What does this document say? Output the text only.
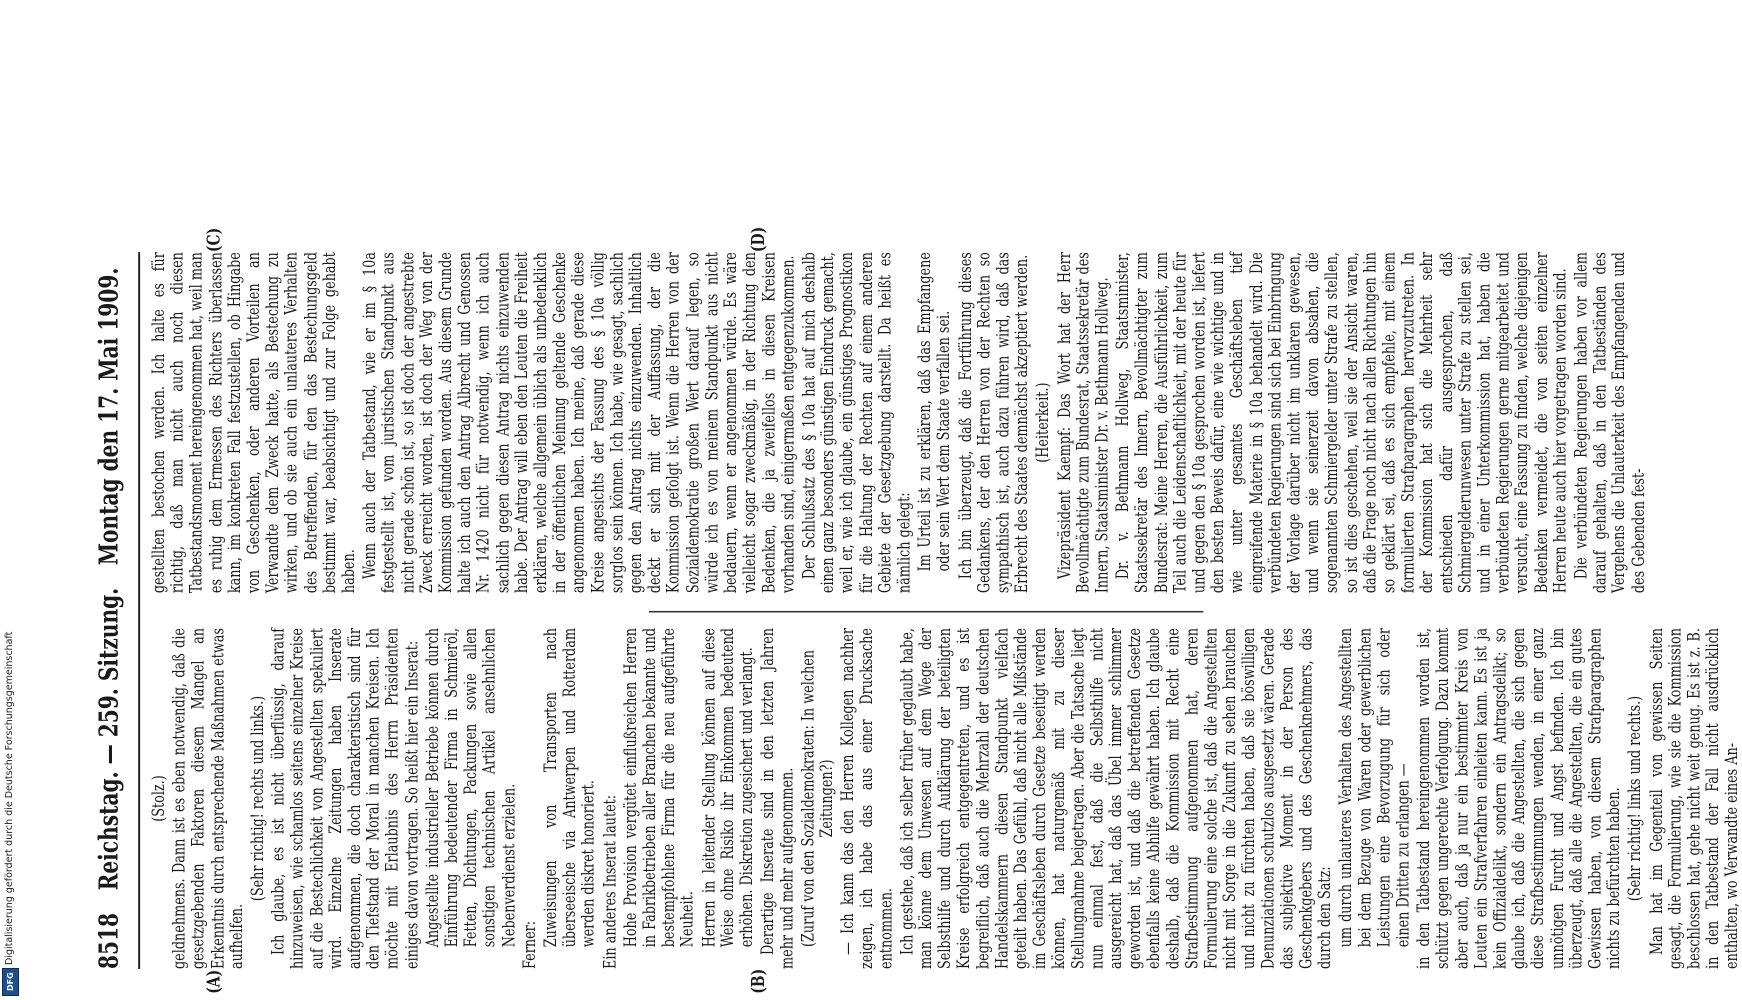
8518
Reichstag. — 259. Sitzung.
Montag den 17. Mai 1909.

(Stolz.) geldnehmens. Dann ist es eben notwendig, daß die gesetzgebenden Faktoren diesem Mangel an Erkenntnis durch entsprechende Maßnahmen etwas aufhelfen.

(Sehr richtig! rechts und links.) Ich glaube, es ist nicht überflüssig, darauf hinzuweisen, wie schamlos seitens einzelner Kreise auf die Bestechlichkeit von Angestellten spekuliert wird. Einzelne Zeitungen haben Inserate aufgenommen, die doch charakteristisch sind für den Tiefstand der Moral in manchen Kreisen. Ich möchte mit Erlaubnis des Herrn Präsidenten einiges davon vortragen. So heißt hier ein Inserat: Angestellte industrieller Betriebe können durch Einführung bedeutender Firma in Schmieröl, Fetten, Dichtungen, Packungen sowie allen sonstigen technischen Artikel ansehnlichen Nebenverdienst erzielen. Ferner: Zuweisungen von Transporten nach überseeische via Antwerpen und Rotterdam werden diskret honoriert. Ein anderes Inserat lautet: Hohe Provision vergütet einflußreichen Herren in Fabrikbetrieben aller Branchen bekannte und bestempfohlene Firma für die neu aufgeführte Neuheit. Herren in leitender Stellung können auf diese Weise ohne Risiko ihr Einkommen bedeutend erhöhen. Diskretion zugesichert und verlangt. Derartige Inserate sind in den letzten Jahren mehr und mehr aufgenommen. (Zuruf von den Sozialdemokraten: In welchen Zeitungen?) — Ich kann das den Herren Kollegen nachher zeigen, ich habe das aus einer Drucksache entnommen. Ich gestehe, daß ich selber früher geglaubt habe, man könne dem Unwesen auf dem Wege der Selbsthilfe und durch Aufklärung der beteiligten Kreise erfolgreich entgegentreten, und es ist begreiflich, daß auch die Mehrzahl der deutschen Handelskammern diesen Standpunkt vielfach geteilt haben. Das Gefühl, daß nicht alle Mißstände im Geschäftsleben durch Gesetze beseitigt werden können, hat naturgemäß mit zu dieser Stellungnahme beigetragen. Aber die Tatsache liegt nun einmal fest, daß die Selbsthilfe nicht ausgereicht hat, daß das Übel immer schlimmer geworden ist, und daß die betreffenden Gesetze ebenfalls keine Abhilfe gewährt haben. Ich glaube deshalb, daß die Kommission mit Recht eine Strafbestimmung aufgenommen hat, deren Formulierung eine solche ist, daß die Angestellten nicht mit Sorge in die Zukunft zu sehen brauchen und nicht zu fürchten haben, daß sie böswilligen Denunziationen schutzlos ausgesetzt wären. Gerade das subjektive Moment in der Person des Geschenkgebers und des Geschenknehmers, das durch den Satz: um durch unlauteres Verhalten des Angestellten bei dem Bezuge von Waren oder gewerblichen Leistungen eine Bevorzugung für sich oder einen Dritten zu erlangen — in den Tatbestand hereingenommen worden ist, schützt gegen ungerechte Verfolgung. Dazu kommt aber auch, daß ja nur ein bestimmter Kreis von Leuten ein Strafverfahren einleiten kann. Es ist ja kein Offizialdelikt, sondern ein Antragsdelikt; so glaube ich, daß die Angestellten, die sich gegen diese Strafbestimmungen wenden, in einer ganz unnötigen Furcht und Angst befinden. Ich bin überzeugt, daß alle die Angestellten, die ein gutes Gewissen haben, von diesem Strafparagraphen nichts zu befürchten haben. (Sehr richtig! links und rechts.) Man hat im Gegenteil von gewissen Seiten gesagt, die Formulierung, wie sie die Kommission beschlossen hat, gehe nicht weit genug. Es ist z. B. in den Tatbestand der Fall nicht ausdrücklich enthalten, wo Verwandte eines An-

gestellten bestochen werden. Ich halte es für richtig, daß man nicht auch noch diesen Tatbestandsmoment hereingenommen hat, weil man es ruhig dem Ermessen des Richters überlassen kann, im konkreten Fall festzustellen, ob Hingabe von Geschenken, oder anderen Vorteilen an Verwandte dem Zweck hatte, als Bestechung zu wirken, und ob sie auch ein unlauteres Verhalten des Betreffenden, für den das Bestechungsgeld bestimmt war, beabsichtigt und zur Folge gehabt haben. Wenn auch der Tatbestand, wie er im § 10a festgestellt ist, vom juristischen Standpunkt aus nicht gerade schön ist, so ist doch der angestrebte Zweck erreicht worden, ist doch der Weg von der Kommission gefunden worden. Aus diesem Grunde halte ich auch den Antrag Albrecht und Genossen Nr. 1420 nicht für notwendig, wenn ich auch sachlich gegen diesen Antrag nichts einzuwenden habe. Der Antrag will eben den Leuten die Freiheit erklären, welche allgemein üblich als unbedenklich in der öffentlichen Meinung geltende Geschenke angenommen haben. Ich meine, daß gerade diese Kreise angesichts der Fassung des § 10a völlig sorglos sein können. Ich habe, wie gesagt, sachlich gegen den Antrag nichts einzuwenden. Inhaltlich deckt er sich mit der Auffassung, der die Kommission gefolgt ist. Wenn die Herren von der Sozialdemokratie großen Wert darauf legen, so würde ich es von meinem Standpunkt aus nicht bedauern, wenn er angenommen würde. Es wäre vielleicht sogar zweckmäßig, in der Richtung den Bedenken, die ja zweifellos in diesen Kreisen vorhanden sind, einigermaßen entgegenzukommen. Der Schlußsatz des § 10a hat auf mich deshalb einen ganz besonders günstigen Eindruck gemacht, weil er, wie ich glaube, ein günstiges Prognostikon für die Haltung der Rechten auf einem anderen Gebiete der Gesetzgebung darstellt. Da heißt es nämlich gelegt: Im Urteil ist zu erklären, daß das Empfangene oder sein Wert dem Staate verfallen sei. Ich bin überzeugt, daß die Fortführung dieses Gedankens, der den Herren von der Rechten so sympathisch ist, auch dazu führen wird, daß das Erbrecht des Staates demnächst akzeptiert werden. (Heiterkeit.) Vizepräsident Kaempf: Das Wort hat der Herr Bevollmächtigte zum Bundesrat, Staatssekretär des Innern, Staatsminister Dr. v. Bethmann Hollweg. Dr. v. Bethmann Hollweg, Staatsminister, Staatssekretär des Innern, Bevollmächtigter zum Bundesrat: Meine Herren, die Ausführlichkeit, zum Teil auch die Leidenschaftlichkeit, mit der heute für und gegen den § 10a gesprochen worden ist, liefert den besten Beweis dafür, eine wie wichtige und in wie unter gesamtes Geschäftsleben tief eingreifende Materie in § 10a behandelt wird. Die verbündeten Regierungen sind sich bei Einbringung der Vorlage darüber nicht im unklaren gewesen, und wenn sie seinerzeit davon absahen, die sogenannten Schmiergelder unter Strafe zu stellen, so ist dies geschehen, weil sie der Ansicht waren, daß die Frage noch nicht nach allen Richtungen hin so geklärt sei, daß es sich empfehle, mit einem formulierten Strafparagraphen hervorzutreten. In der Kommission hat sich die Mehrheit sehr entschieden dafür ausgesprochen, daß Schmiergelderunwesen unter Strafe zu stellen sei, und in einer Unterkommission hat, haben die verbündeten Regierungen gerne mitgearbeitet und versucht, eine Fassung zu finden, welche diejenigen Bedenken vermeidet, die von seiten einzelner Herren heute auch hier vorgetragen worden sind. Die verbündeten Regierungen haben vor allem darauf gehalten, daß in den Tatbeständen des Vergehens die Unlauterkeit des Empfangenden und des Gebenden fest-

(A)	(B)
(C)	(D)
Digitalisierung gefördert durch die Deutsche Forschungsgemeinschaft
DFG
